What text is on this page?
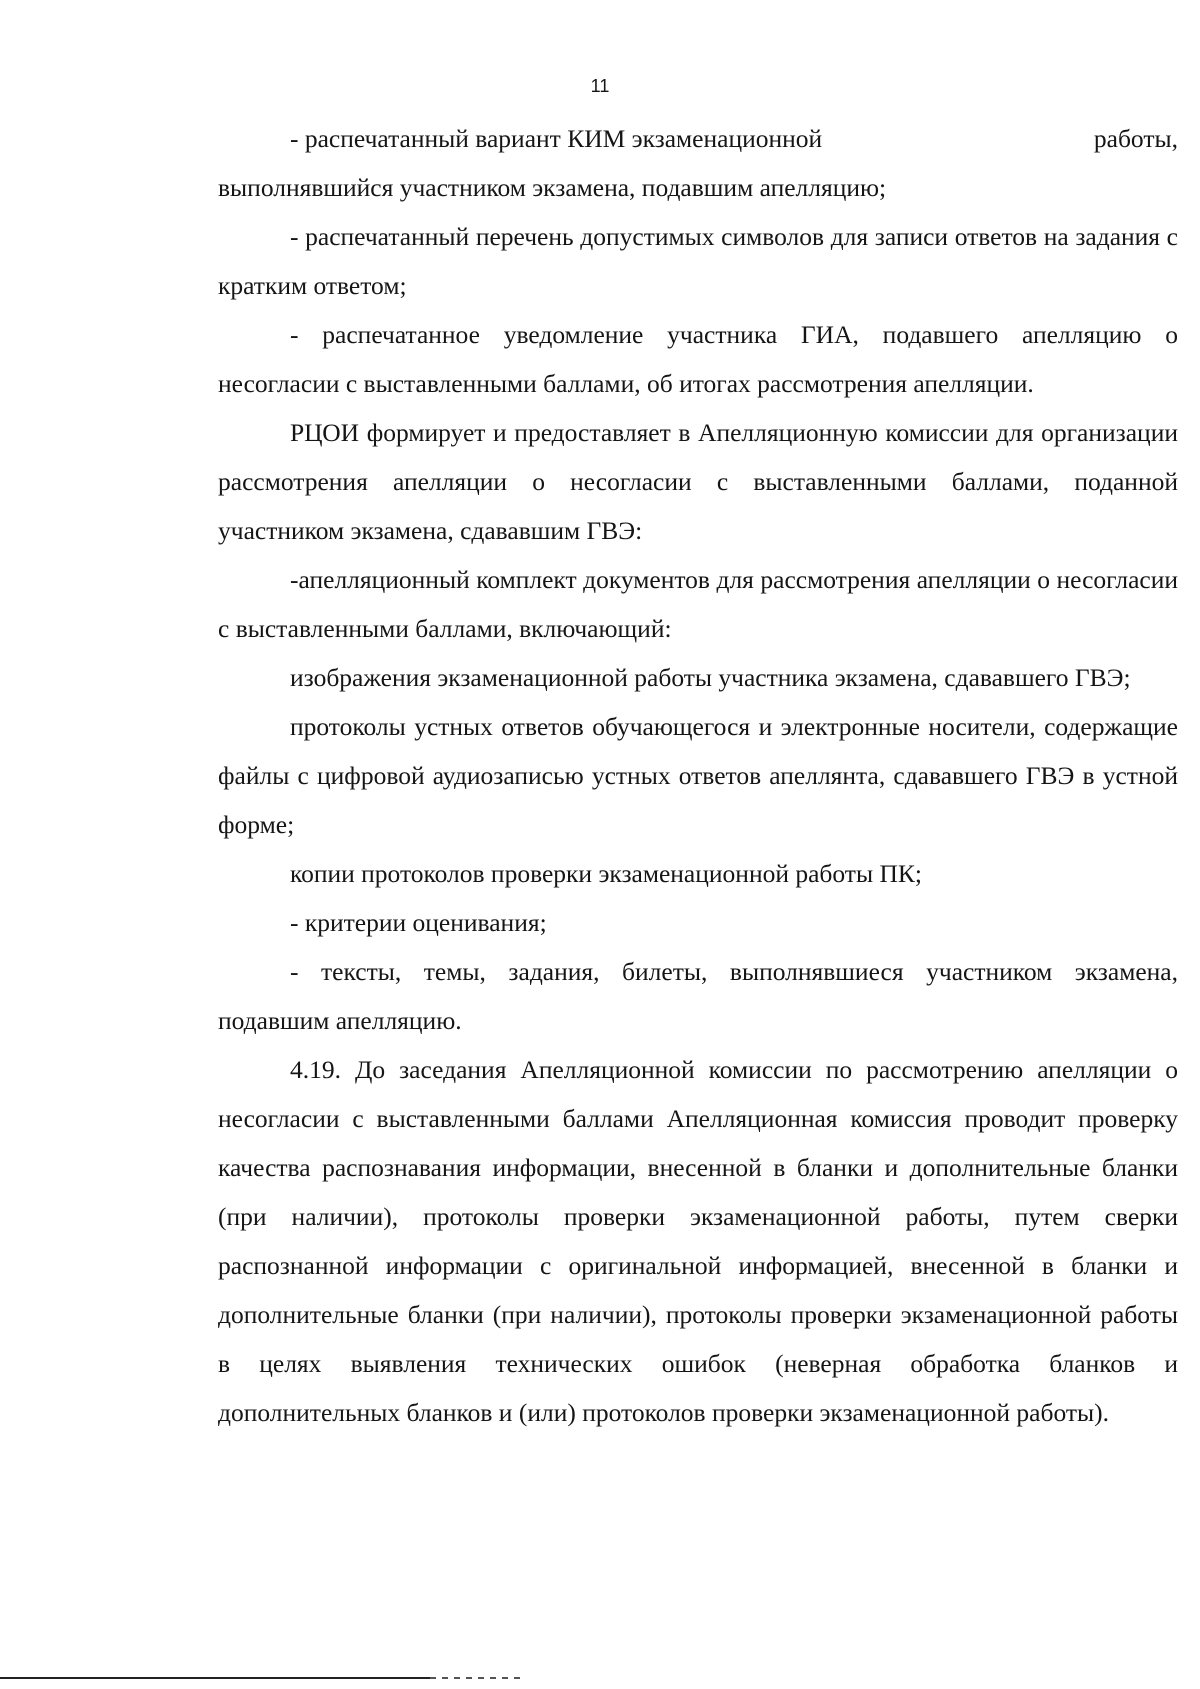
11

- распечатанный вариант КИМ экзаменационной	работы,
выполнявшийся участником экзамена, подавшим апелляцию;

- распечатанный перечень допустимых символов для записи ответов на задания с кратким ответом;

- распечатанное уведомление участника ГИА, подавшего апелляцию о несогласии с выставленными баллами, об итогах рассмотрения апелляции.

РЦОИ формирует и предоставляет в Апелляционную комиссии для организации рассмотрения апелляции о несогласии с выставленными баллами, поданной участником экзамена, сдававшим ГВЭ:

-апелляционный комплект документов для рассмотрения апелляции о несогласии с выставленными баллами, включающий:

изображения экзаменационной работы участника экзамена, сдававшего ГВЭ;

протоколы устных ответов обучающегося и электронные носители, содержащие файлы с цифровой аудиозаписью устных ответов апеллянта, сдававшего ГВЭ в устной форме;

копии протоколов проверки экзаменационной работы ПК;

- критерии оценивания;

- тексты, темы, задания, билеты, выполнявшиеся участником экзамена, подавшим апелляцию.

4.19. До заседания Апелляционной комиссии по рассмотрению апелляции о несогласии с выставленными баллами Апелляционная комиссия проводит проверку качества распознавания информации, внесенной в бланки и дополнительные бланки (при наличии), протоколы проверки экзаменационной работы, путем сверки распознанной информации с оригинальной информацией, внесенной в бланки и дополнительные бланки (при наличии), протоколы проверки экзаменационной работы в целях выявления технических ошибок (неверная обработка бланков и дополнительных бланков и (или) протоколов проверки экзаменационной работы).
